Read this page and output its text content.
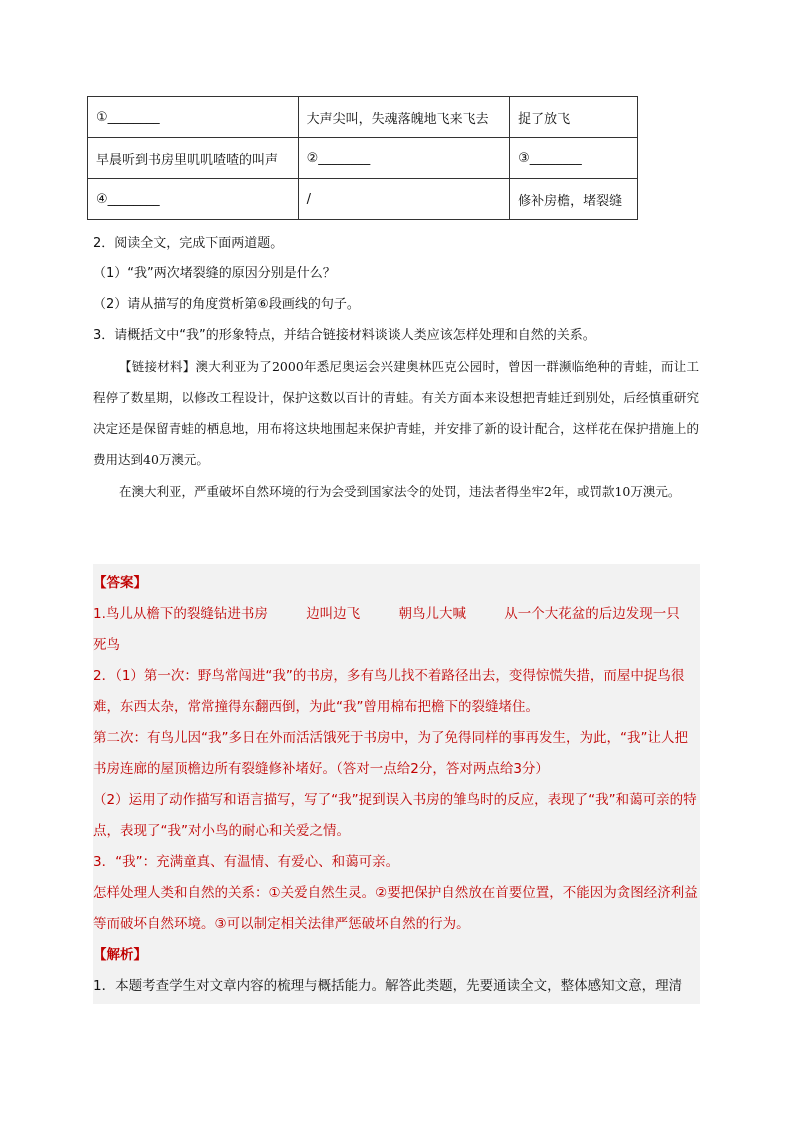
①________	大声尖叫，失魂落魄地飞来飞去	捉了放飞
早晨听到书房里叽叽喳喳的叫声	②________	③________
④________	/	修补房檐，堵裂缝
2．阅读全文，完成下面两道题。
（1）“我”两次堵裂缝的原因分别是什么？
（2）请从描写的角度赏析第⑥段画线的句子。
3．请概括文中“我”的形象特点，并结合链接材料谈谈人类应该怎样处理和自然的关系。

【链接材料】澳大利亚为了2000年悉尼奥运会兴建奥林匹克公园时，曾因一群濒临绝种的青蛙，而让工程停了数星期，以修改工程设计，保护这数以百计的青蛙。有关方面本来设想把青蛙迁到别处，后经慎重研究决定还是保留青蛙的栖息地，用布将这块地围起来保护青蛙，并安排了新的设计配合，这样花在保护措施上的费用达到40万澳元。

在澳大利亚，严重破坏自然环境的行为会受到国家法令的处罚，违法者得坐牢2年，或罚款10万澳元。

【答案】

1.鸟儿从檐下的裂缝钻进书房	边叫边飞	朝鸟儿大喊	从一个大花盆的后边发现一只

死鸟

2．（1）第一次：野鸟常闯进“我”的书房，多有鸟儿找不着路径出去，变得惊慌失措，而屋中捉鸟很难，东西太杂，常常撞得东翻西倒，为此“我”曾用棉布把檐下的裂缝堵住。

第二次：有鸟儿因“我”多日在外而活活饿死于书房中，为了免得同样的事再发生，为此，“我”让人把书房连廊的屋顶檐边所有裂缝修补堵好。（答对一点给2分，答对两点给3分）

（2）运用了动作描写和语言描写，写了“我”捉到误入书房的雏鸟时的反应，表现了“我”和蔼可亲的特点，表现了“我”对小鸟的耐心和关爱之情。

3．“我”：充满童真、有温情、有爱心、和蔼可亲。

怎样处理人类和自然的关系：①关爱自然生灵。②要把保护自然放在首要位置，不能因为贪图经济利益等而破坏自然环境。③可以制定相关法律严惩破坏自然的行为。

【解析】

1．本题考查学生对文章内容的梳理与概括能力。解答此类题，先要通读全文，整体感知文意，理清
